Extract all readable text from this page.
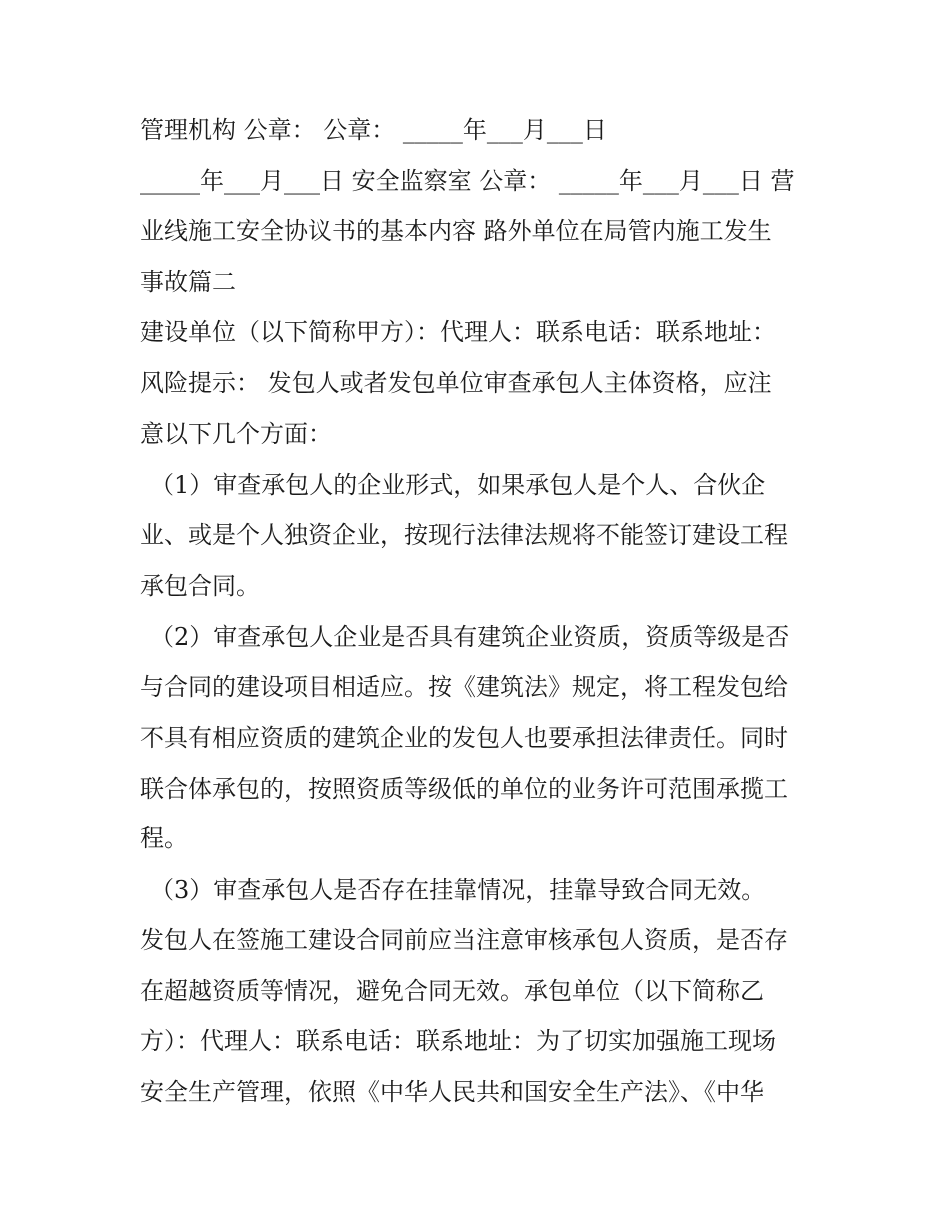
管理机构 公章： 公章： _____年___月___日
_____年___月___日 安全监察室 公章： _____年___月___日 营
业线施工安全协议书的基本内容 路外单位在局管内施工发生
事故篇二
建设单位（以下简称甲方）：代理人：联系电话：联系地址：
风险提示： 发包人或者发包单位审查承包人主体资格，应注
意以下几个方面：
（1）审查承包人的企业形式，如果承包人是个人、合伙企
业、或是个人独资企业，按现行法律法规将不能签订建设工程
承包合同。
（2）审查承包人企业是否具有建筑企业资质，资质等级是否
与合同的建设项目相适应。按《建筑法》规定，将工程发包给
不具有相应资质的建筑企业的发包人也要承担法律责任。同时
联合体承包的，按照资质等级低的单位的业务许可范围承揽工
程。
（3）审查承包人是否存在挂靠情况，挂靠导致合同无效。
发包人在签施工建设合同前应当注意审核承包人资质，是否存
在超越资质等情况，避免合同无效。承包单位（以下简称乙
方）：代理人：联系电话：联系地址：为了切实加强施工现场
安全生产管理，依照《中华人民共和国安全生产法》、《中华
